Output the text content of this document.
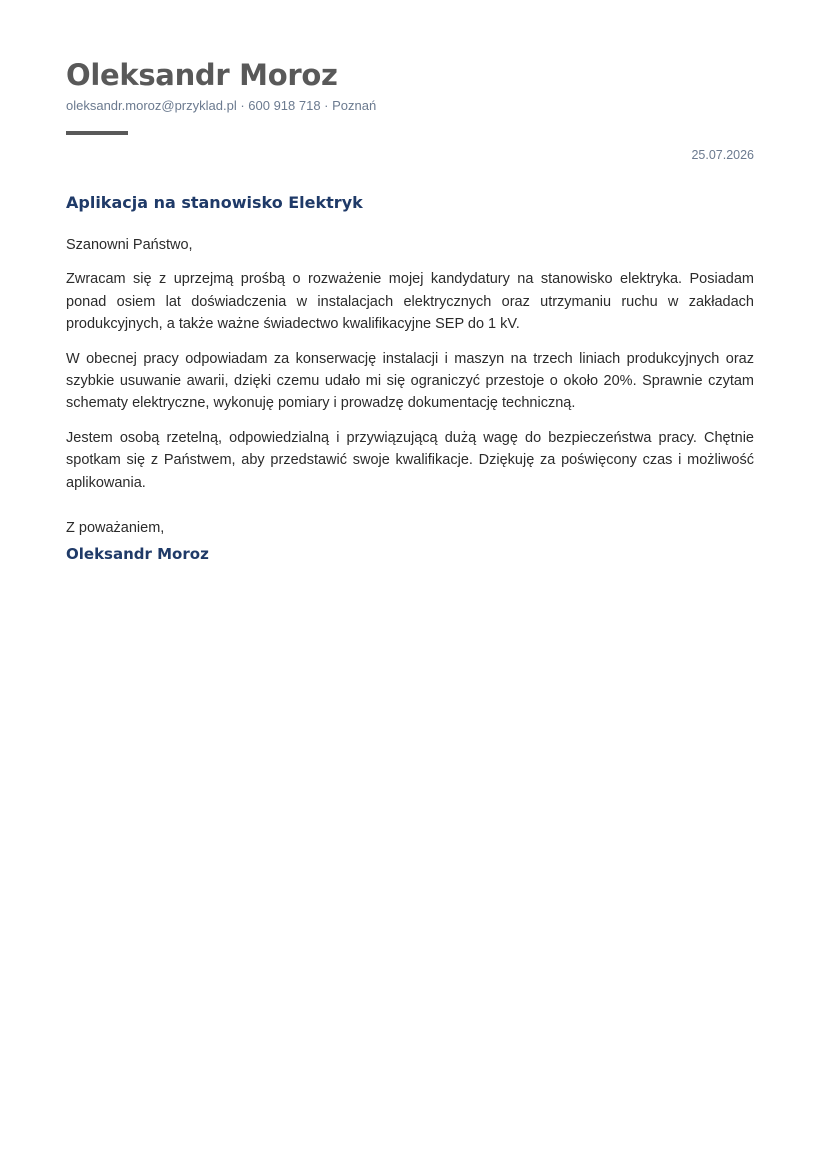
Oleksandr Moroz
oleksandr.moroz@przyklad.pl · 600 918 718 · Poznań
25.07.2026
Aplikacja na stanowisko Elektryk

Szanowni Państwo,

Zwracam się z uprzejmą prośbą o rozważenie mojej kandydatury na stanowisko elektryka. Posiadam ponad osiem lat doświadczenia w instalacjach elektrycznych oraz utrzymaniu ruchu w zakładach produkcyjnych, a także ważne świadectwo kwalifikacyjne SEP do 1 kV.

W obecnej pracy odpowiadam za konserwację instalacji i maszyn na trzech liniach produkcyjnych oraz szybkie usuwanie awarii, dzięki czemu udało mi się ograniczyć przestoje o około 20%. Sprawnie czytam schematy elektryczne, wykonuję pomiary i prowadzę dokumentację techniczną.

Jestem osobą rzetelną, odpowiedzialną i przywiązującą dużą wagę do bezpieczeństwa pracy. Chętnie spotkam się z Państwem, aby przedstawić swoje kwalifikacje. Dziękuję za poświęcony czas i możliwość aplikowania.

Z poważaniem,
Oleksandr Moroz
